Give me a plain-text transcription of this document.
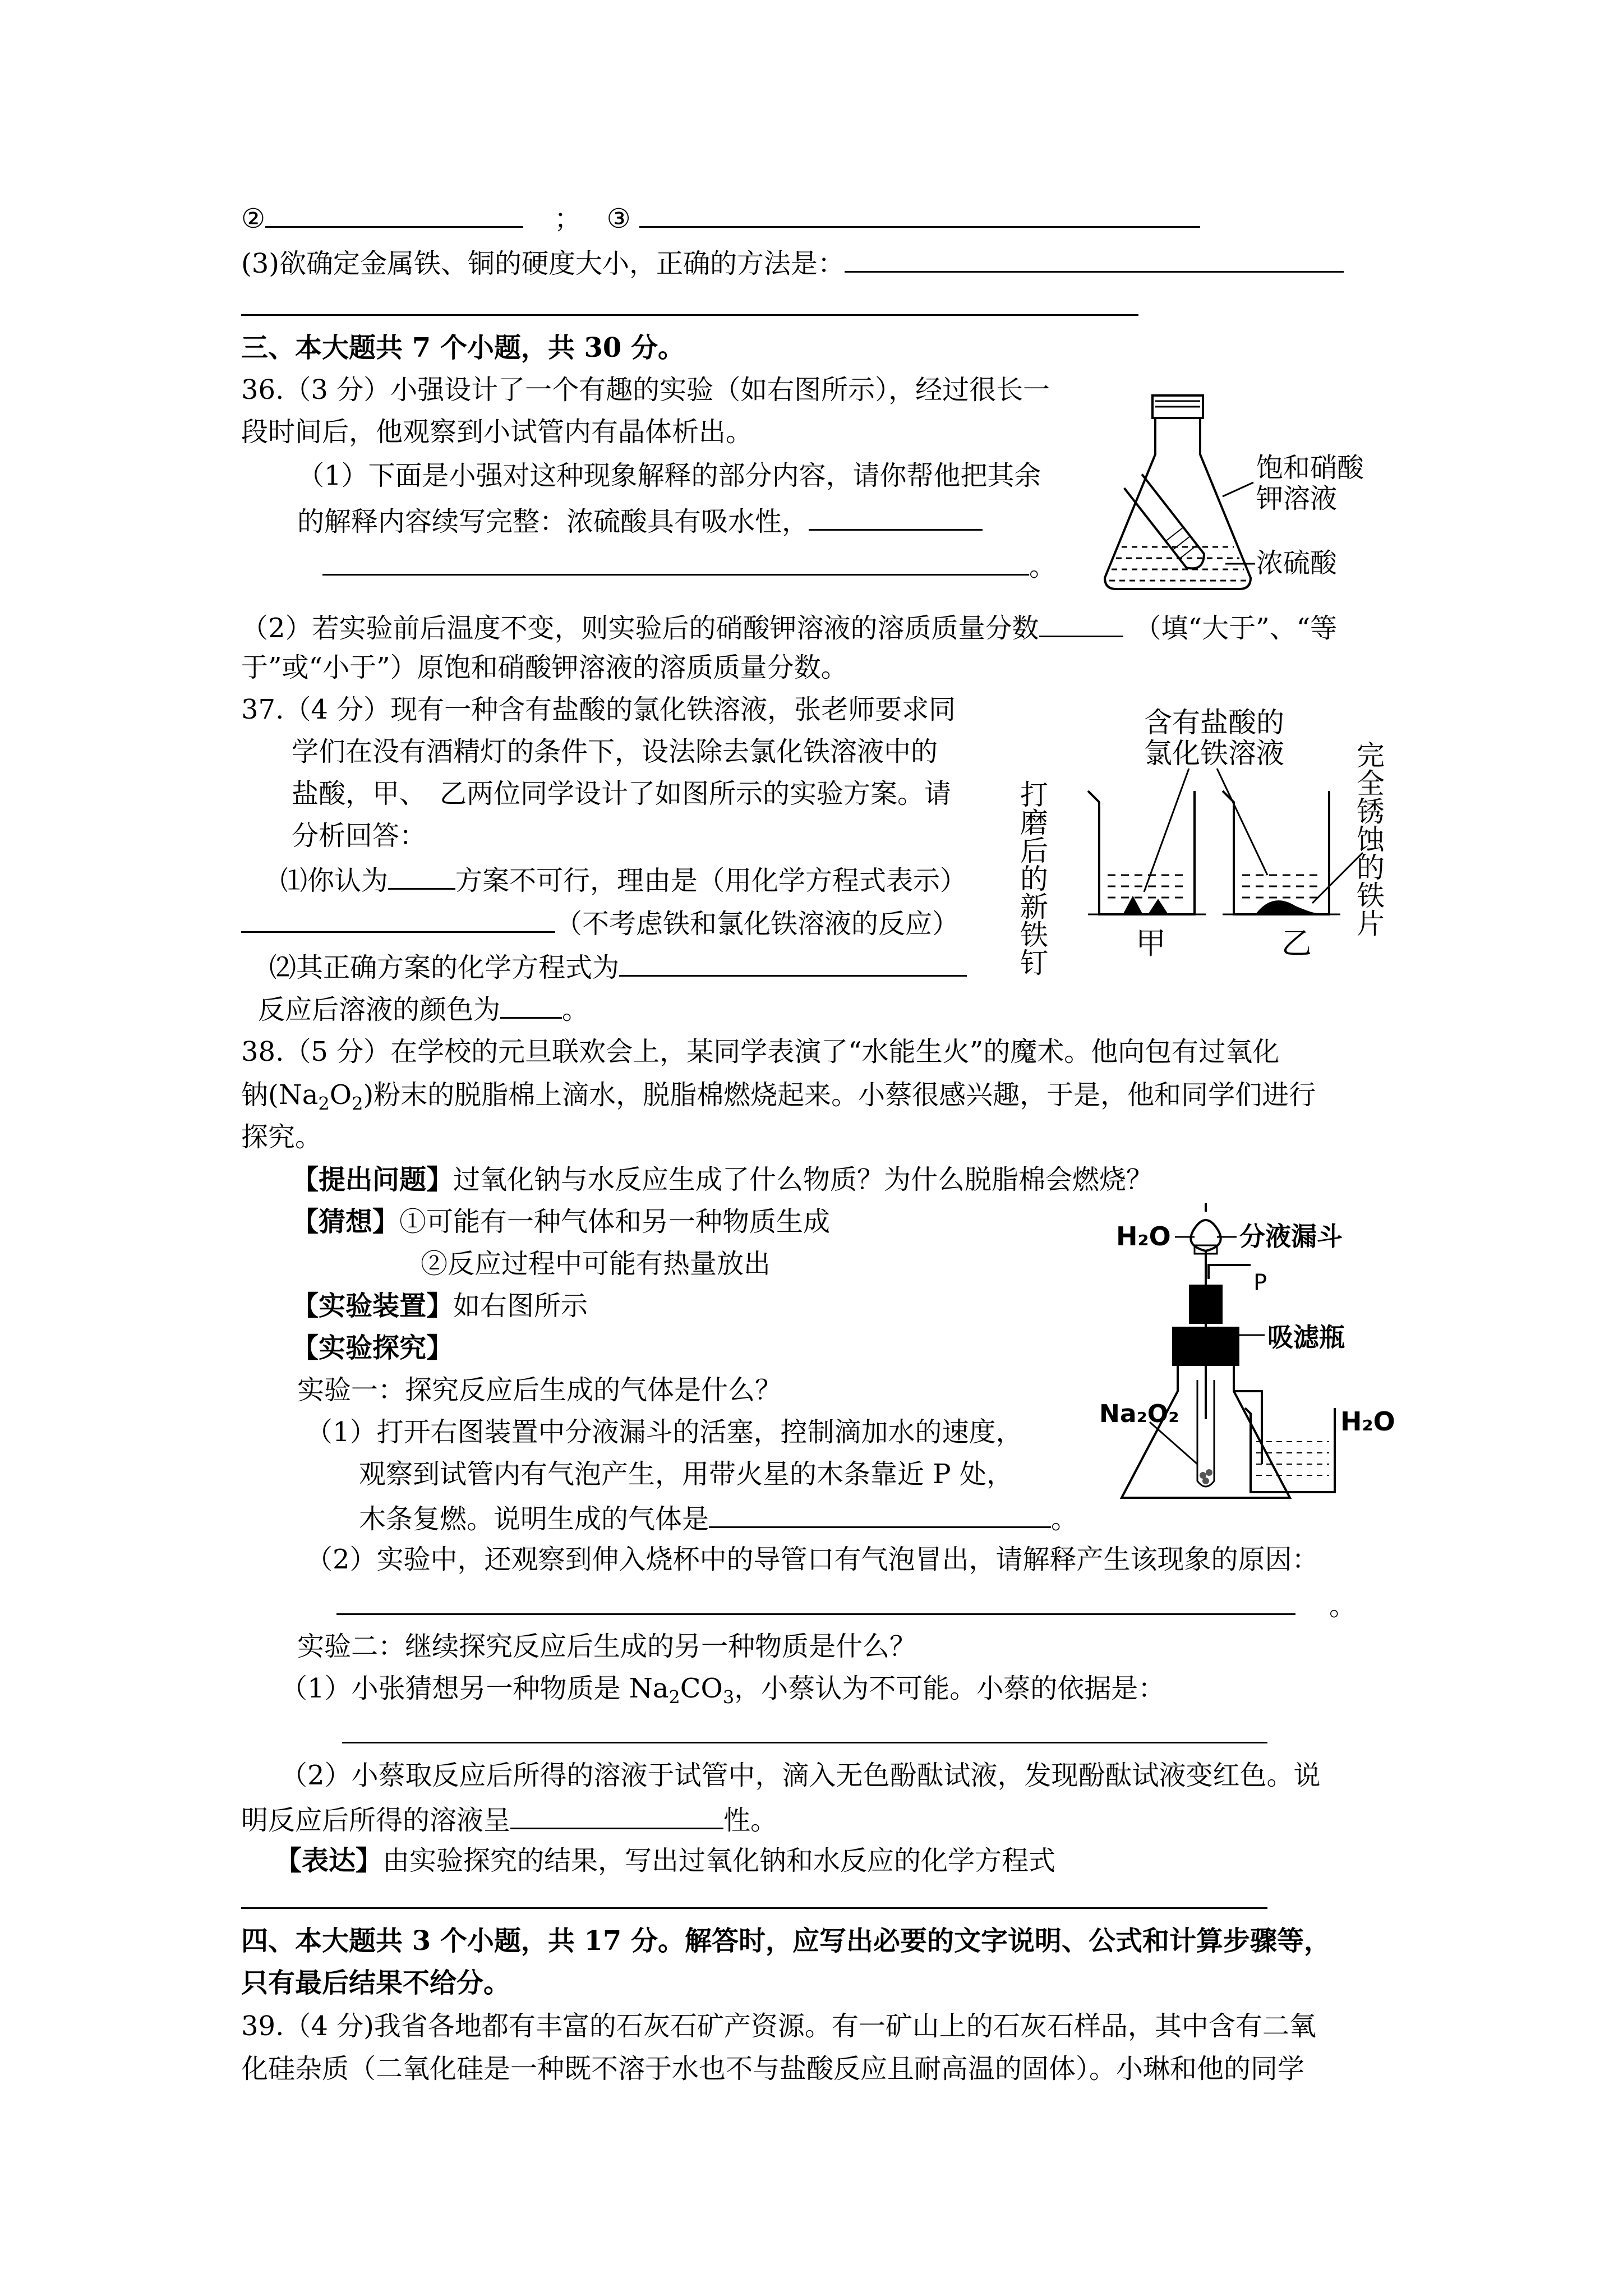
②	； ③
(3)欲确定金属铁、铜的硬度大小，正确的方法是：
三、本大题共 7 个小题，共 30 分。
36.（3 分）小强设计了一个有趣的实验（如右图所示），经过很长一
段时间后，他观察到小试管内有晶体析出。
（1）下面是小强对这种现象解释的部分内容，请你帮他把其余
的解释内容续写完整：浓硫酸具有吸水性，
。
（2）若实验前后温度不变，则实验后的硝酸钾溶液的溶质质量分数	（填“大于”、“等
于”或“小于”）原饱和硝酸钾溶液的溶质质量分数。
饱和硝酸
钾溶液
浓硫酸
37.（4 分）现有一种含有盐酸的氯化铁溶液，张老师要求同
学们在没有酒精灯的条件下，设法除去氯化铁溶液中的
盐酸，甲、　乙两位同学设计了如图所示的实验方案。请
分析回答：
⑴你认为	方案不可行，理由是（用化学方程式表示）
（不考虑铁和氯化铁溶液的反应）
⑵其正确方案的化学方程式为
反应后溶液的颜色为 。
含有盐酸的
氯化铁溶液
打磨后的新铁钉	甲	乙
完全锈蚀的铁片
38.（5 分）在学校的元旦联欢会上，某同学表演了“水能生火”的魔术。他向包有过氧化
钠$(Na_2O_2)$粉末的脱脂棉上滴水，脱脂棉燃烧起来。小蔡很感兴趣，于是，他和同学们进行
探究。
【提出问题】过氧化钠与水反应生成了什么物质？为什么脱脂棉会燃烧？
【猜想】①可能有一种气体和另一种物质生成
②反应过程中可能有热量放出
【实验装置】如右图所示
【实验探究】
实验一：探究反应后生成的气体是什么？
（1）打开右图装置中分液漏斗的活塞，控制滴加水的速度，
观察到试管内有气泡产生，用带火星的木条靠近 P 处，
木条复燃。说明生成的气体是	。
（2）实验中，还观察到伸入烧杯中的导管口有气泡冒出，请解释产生该现象的原因：
。
实验二：继续探究反应后生成的另一种物质是什么？
（1）小张猜想另一种物质是 $Na_2CO_3$，小蔡认为不可能。小蔡的依据是：
（2）小蔡取反应后所得的溶液于试管中，滴入无色酚酞试液，发现酚酞试液变红色。说
明反应后所得的溶液呈	性。
【表达】由实验探究的结果，写出过氧化钠和水反应的化学方程式
H₂O	分液漏斗
P
吸滤瓶
Na₂O₂	H₂O
四、本大题共 3 个小题，共 17 分。解答时，应写出必要的文字说明、公式和计算步骤等，
只有最后结果不给分。
39.（4 分)我省各地都有丰富的石灰石矿产资源。有一矿山上的石灰石样品，其中含有二氧
化硅杂质（二氧化硅是一种既不溶于水也不与盐酸反应且耐高温的固体）。小琳和他的同学
